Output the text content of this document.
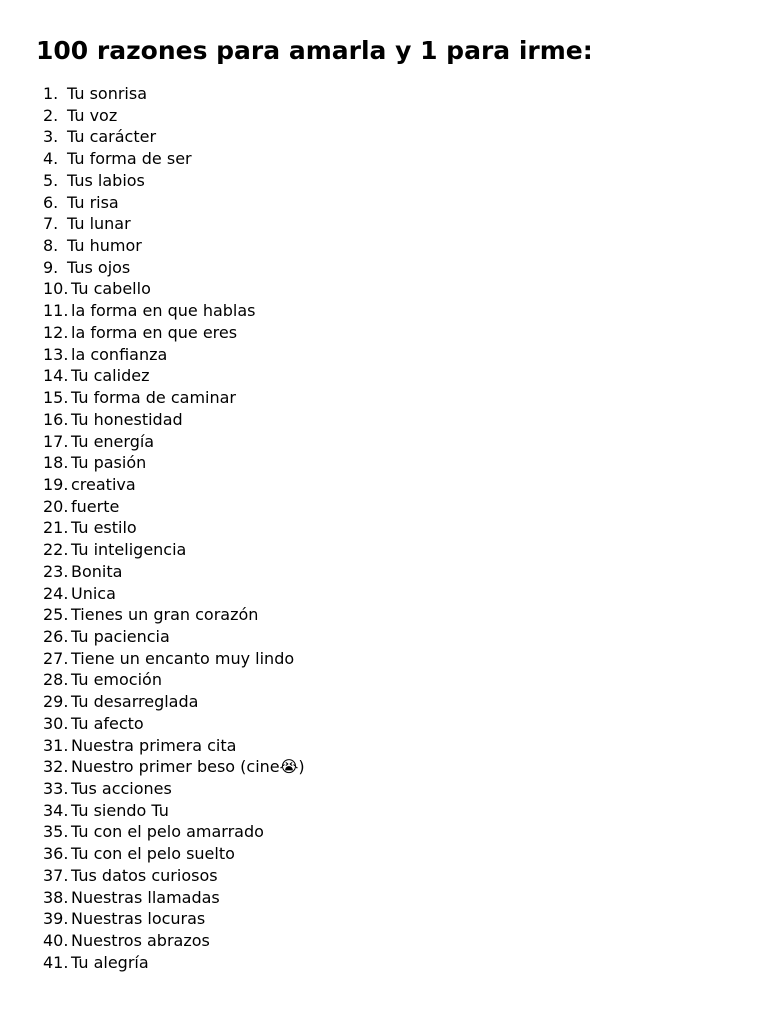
100 razones para amarla y 1 para irme:
1. Tu sonrisa
2. Tu voz
3. Tu carácter
4. Tu forma de ser
5. Tus labios
6. Tu risa
7. Tu lunar
8. Tu humor
9. Tus ojos
10. Tu cabello
11. la forma en que hablas
12. la forma en que eres
13. la confianza
14. Tu calidez
15. Tu forma de caminar
16. Tu honestidad
17. Tu energía
18. Tu pasión
19. creativa
20. fuerte
21. Tu estilo
22. Tu inteligencia
23. Bonita
24. Unica
25. Tienes un gran corazón
26. Tu paciencia
27. Tiene un encanto muy lindo
28. Tu emoción
29. Tu desarreglada
30. Tu afecto
31. Nuestra primera cita
32. Nuestro primer beso (cine😭)
33. Tus acciones
34. Tu siendo Tu
35. Tu con el pelo amarrado
36. Tu con el pelo suelto
37. Tus datos curiosos
38. Nuestras llamadas
39. Nuestras locuras
40. Nuestros abrazos
41. Tu alegría
